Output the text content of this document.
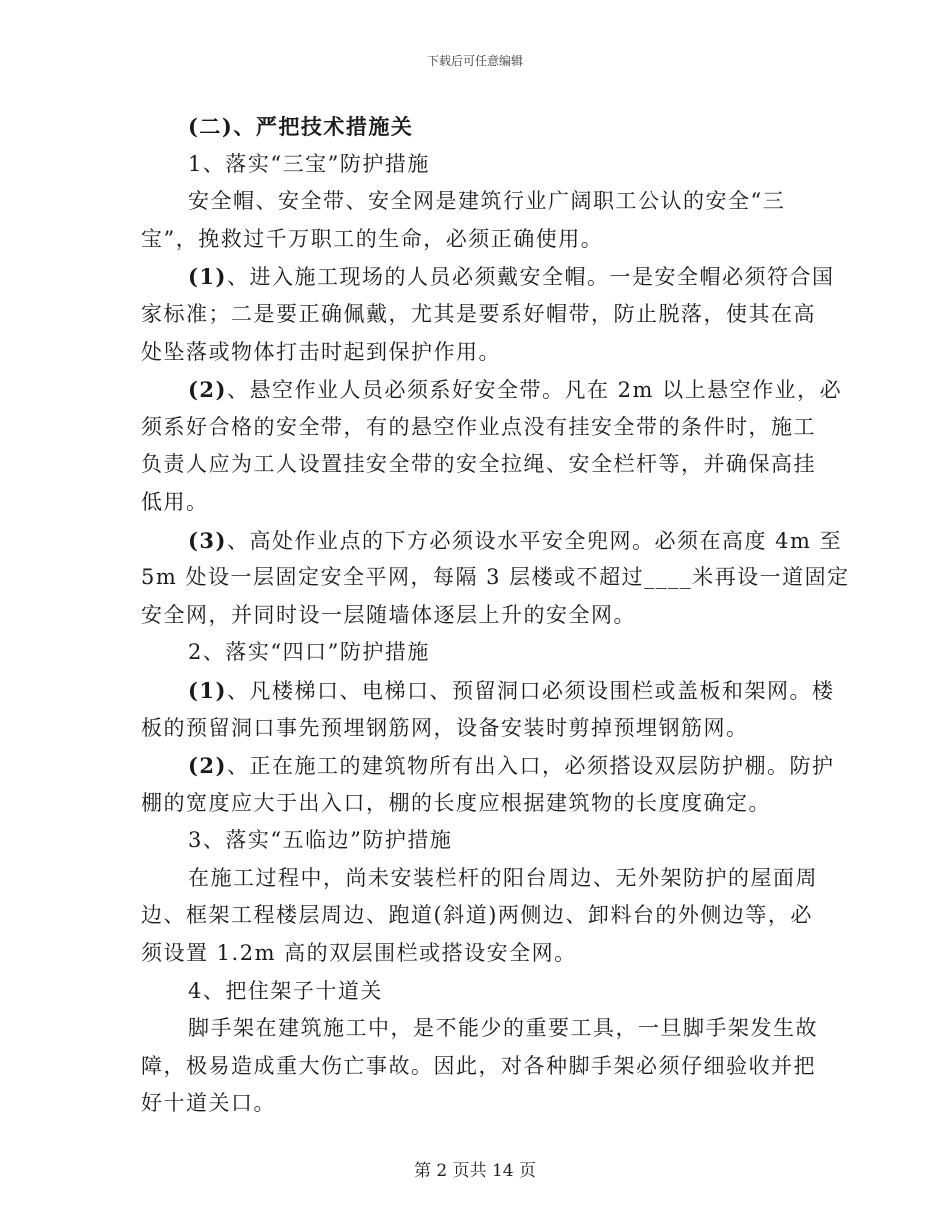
下载后可任意编辑
(二)、严把技术措施关
1、落实“三宝”防护措施
安全帽、安全带、安全网是建筑行业广阔职工公认的安全“三
宝”，挽救过千万职工的生命，必须正确使用。
(1)、进入施工现场的人员必须戴安全帽。一是安全帽必须符合国
家标准；二是要正确佩戴，尤其是要系好帽带，防止脱落，使其在高
处坠落或物体打击时起到保护作用。
(2)、悬空作业人员必须系好安全带。凡在 2m 以上悬空作业，必
须系好合格的安全带，有的悬空作业点没有挂安全带的条件时，施工
负责人应为工人设置挂安全带的安全拉绳、安全栏杆等，并确保高挂
低用。
(3)、高处作业点的下方必须设水平安全兜网。必须在高度 4m 至
5m 处设一层固定安全平网，每隔 3 层楼或不超过____米再设一道固定
安全网，并同时设一层随墙体逐层上升的安全网。
2、落实“四口”防护措施
(1)、凡楼梯口、电梯口、预留洞口必须设围栏或盖板和架网。楼
板的预留洞口事先预埋钢筋网，设备安装时剪掉预埋钢筋网。
(2)、正在施工的建筑物所有出入口，必须搭设双层防护棚。防护
棚的宽度应大于出入口，棚的长度应根据建筑物的长度度确定。
3、落实“五临边”防护措施
在施工过程中，尚未安装栏杆的阳台周边、无外架防护的屋面周
边、框架工程楼层周边、跑道(斜道)两侧边、卸料台的外侧边等，必
须设置 1.2m 高的双层围栏或搭设安全网。
4、把住架子十道关
脚手架在建筑施工中，是不能少的重要工具，一旦脚手架发生故
障，极易造成重大伤亡事故。因此，对各种脚手架必须仔细验收并把
好十道关口。
第 2 页共 14 页
